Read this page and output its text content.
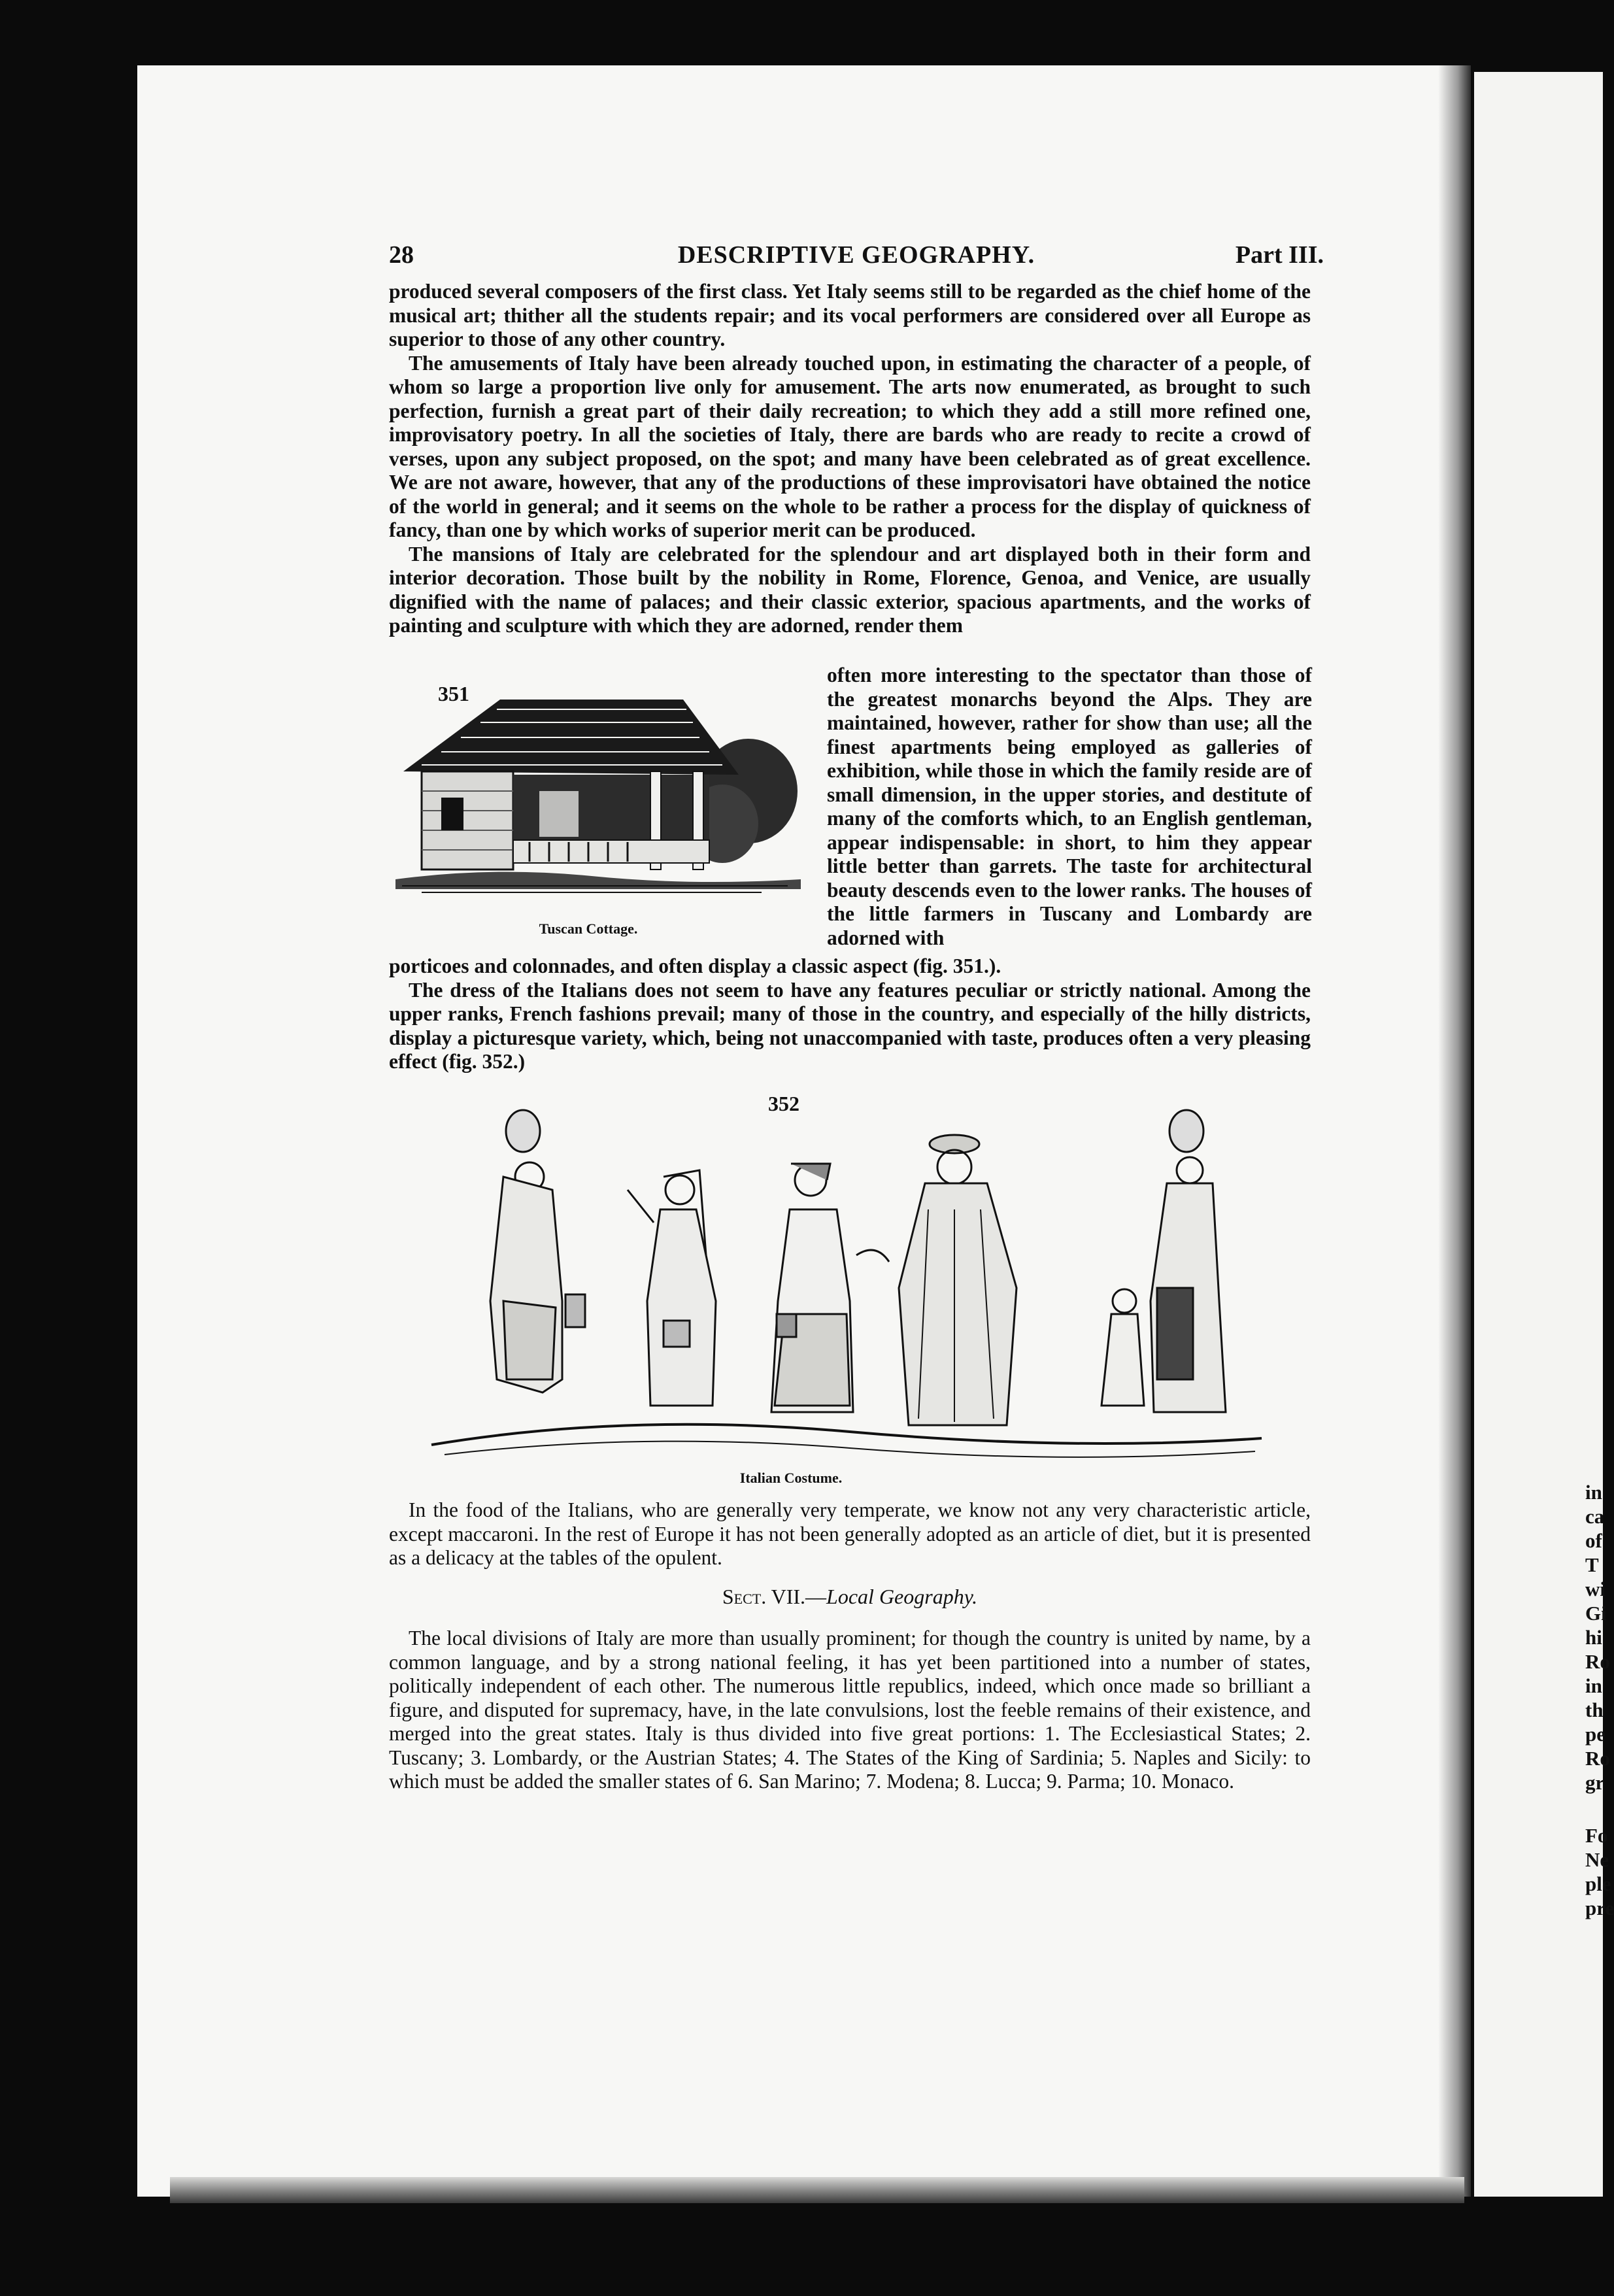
28	DESCRIPTIVE GEOGRAPHY.	Part III.

produced several composers of the first class. Yet Italy seems still to be regarded as the chief home of the musical art; thither all the students repair; and its vocal performers are considered over all Europe as superior to those of any other country.

The amusements of Italy have been already touched upon, in estimating the character of a people, of whom so large a proportion live only for amusement. The arts now enumerated, as brought to such perfection, furnish a great part of their daily recreation; to which they add a still more refined one, improvisatory poetry. In all the societies of Italy, there are bards who are ready to recite a crowd of verses, upon any subject proposed, on the spot; and many have been celebrated as of great excellence. We are not aware, however, that any of the productions of these improvisatori have obtained the notice of the world in general; and it seems on the whole to be rather a process for the display of quickness of fancy, than one by which works of superior merit can be produced.

The mansions of Italy are celebrated for the splendour and art displayed both in their form and interior decoration. Those built by the nobility in Rome, Florence, Genoa, and Venice, are usually dignified with the name of palaces; and their classic exterior, spacious apartments, and the works of painting and sculpture with which they are adorned, render them

351
Tuscan Cottage.

often more interesting to the spectator than those of the greatest monarchs beyond the Alps. They are maintained, however, rather for show than use; all the finest apartments being employed as galleries of exhibition, while those in which the family reside are of small dimension, in the upper stories, and destitute of many of the comforts which, to an English gentleman, appear indispensable: in short, to him they appear little better than garrets. The taste for architectural beauty descends even to the lower ranks. The houses of the little farmers in Tuscany and Lombardy are adorned with

porticoes and colonnades, and often display a classic aspect (fig. 351.).

The dress of the Italians does not seem to have any features peculiar or strictly national. Among the upper ranks, French fashions prevail; many of those in the country, and especially of the hilly districts, display a picturesque variety, which, being not unaccompanied with taste, produces often a very pleasing effect (fig. 352.)

352
Italian Costume.

In the food of the Italians, who are generally very temperate, we know not any very characteristic article, except maccaroni. In the rest of Europe it has not been generally adopted as an article of diet, but it is presented as a delicacy at the tables of the opulent.

Sect. VII.—Local Geography.

The local divisions of Italy are more than usually prominent; for though the country is united by name, by a common language, and by a strong national feeling, it has yet been partitioned into a number of states, politically independent of each other. The numerous little republics, indeed, which once made so brilliant a figure, and disputed for supremacy, have, in the late convulsions, lost the feeble remains of their existence, and merged into the great states. Italy is thus divided into five great portions: 1. The Ecclesiastical States; 2. Tuscany; 3. Lombardy, or the Austrian States; 4. The States of the King of Sardinia; 5. Naples and Sicily: to which must be added the smaller states of 6. San Marino; 7. Modena; 8. Lucca; 9. Parma; 10. Monaco.

in
ca
of
T
wi
Gi
hi
Ro
in
th
pe
Ro
gr
Fo
Ne
ple
pre
